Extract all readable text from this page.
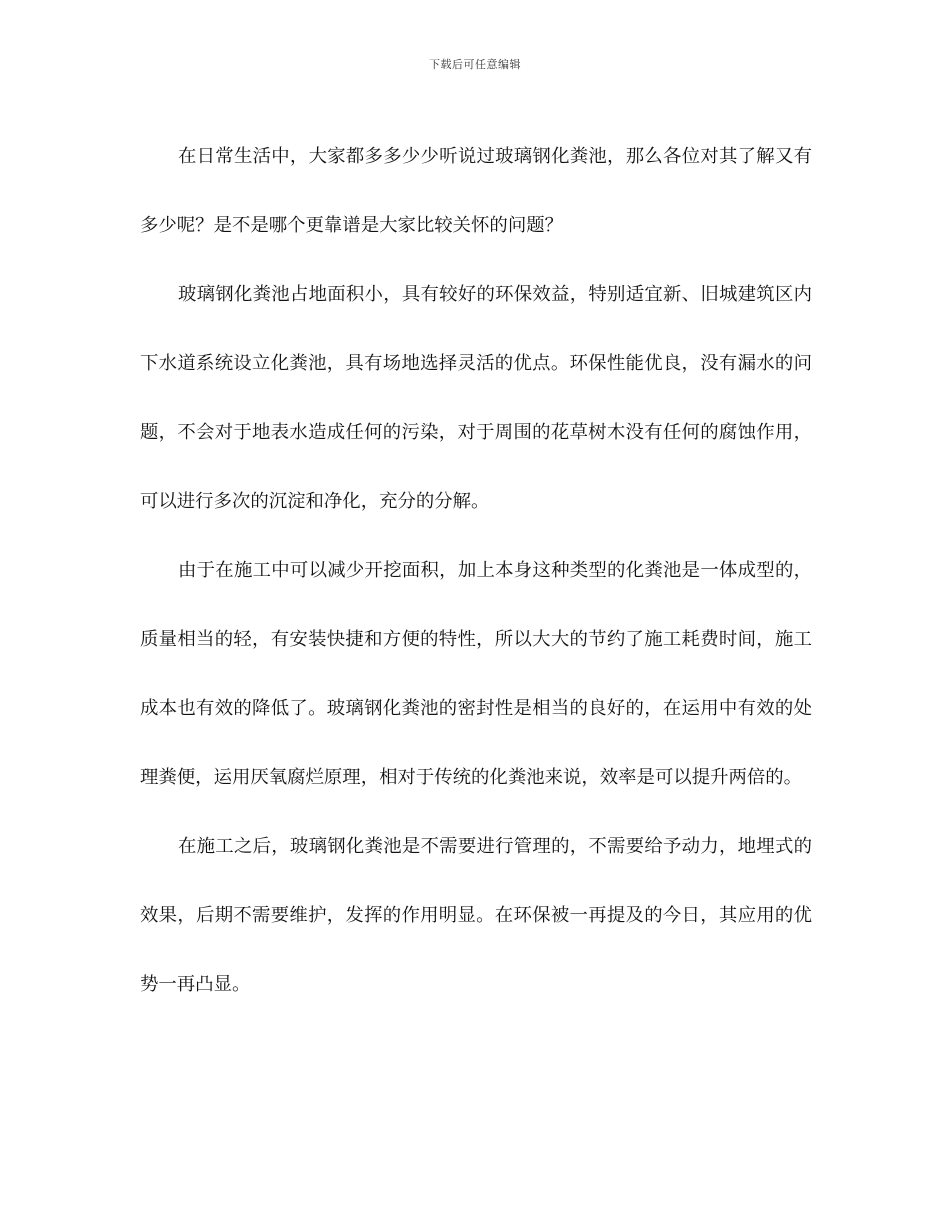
下载后可任意编辑

在日常生活中，大家都多多少少听说过玻璃钢化粪池，那么各位对其了解又有多少呢？是不是哪个更靠谱是大家比较关怀的问题？

玻璃钢化粪池占地面积小，具有较好的环保效益，特别适宜新、旧城建筑区内下水道系统设立化粪池，具有场地选择灵活的优点。环保性能优良，没有漏水的问题，不会对于地表水造成任何的污染，对于周围的花草树木没有任何的腐蚀作用，可以进行多次的沉淀和净化，充分的分解。

由于在施工中可以减少开挖面积，加上本身这种类型的化粪池是一体成型的，质量相当的轻，有安装快捷和方便的特性，所以大大的节约了施工耗费时间，施工成本也有效的降低了。玻璃钢化粪池的密封性是相当的良好的，在运用中有效的处理粪便，运用厌氧腐烂原理，相对于传统的化粪池来说，效率是可以提升两倍的。

在施工之后，玻璃钢化粪池是不需要进行管理的，不需要给予动力，地埋式的效果，后期不需要维护，发挥的作用明显。在环保被一再提及的今日，其应用的优势一再凸显。
